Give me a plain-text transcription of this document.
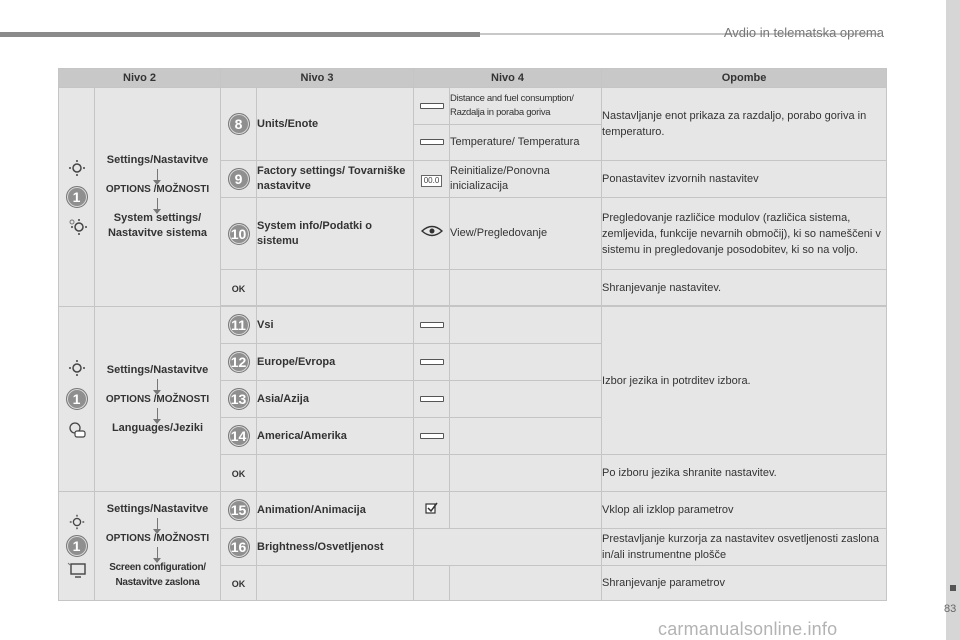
Avdio in telematska oprema
83
carmanualsonline.info
Nivo 2		Nivo 3		Nivo 4		Opombe

1	Settings/Nastavitve
OPTIONS /MOŽNOSTI
System settings/ Nastavitve sistema	8	Units/Enote		Distance and fuel consumption/ Razdalja in poraba goriva	Nastavljanje enot prikaza za razdaljo, porabo goriva in temperaturo.
					Temperature/ Temperatura	
		9	Factory settings/ Tovarniške nastavitve	00.0	Reinitialize/Ponovna inicializacija	Ponastavitev izvornih nastavitev
		10	System info/Podatki o sistemu		View/Pregledovanje	Pregledovanje različice modulov (različica sistema, zemljevida, funkcije nevarnih območij), ki so nameščeni v sistemu in pregledovanje posodobitev, ki so na voljo.
		OK				Shranjevanje nastavitev.

1	Settings/Nastavitve
OPTIONS /MOŽNOSTI
Languages/Jeziki	11	Vsi			Izbor jezika in potrditev izbora.
		12	Europe/Evropa			
		13	Asia/Azija			
		14	America/Amerika			
		OK				Po izboru jezika shranite nastavitev.

1	Settings/Nastavitve
OPTIONS /MOŽNOSTI
Screen configuration/ Nastavitve zaslona	15	Animation/Animacija			Vklop ali izklop parametrov
		16	Brightness/Osvetljenost			Prestavljanje kurzorja za nastavitev osvetljenosti zaslona in/ali instrumentne plošče
		OK				Shranjevanje parametrov
